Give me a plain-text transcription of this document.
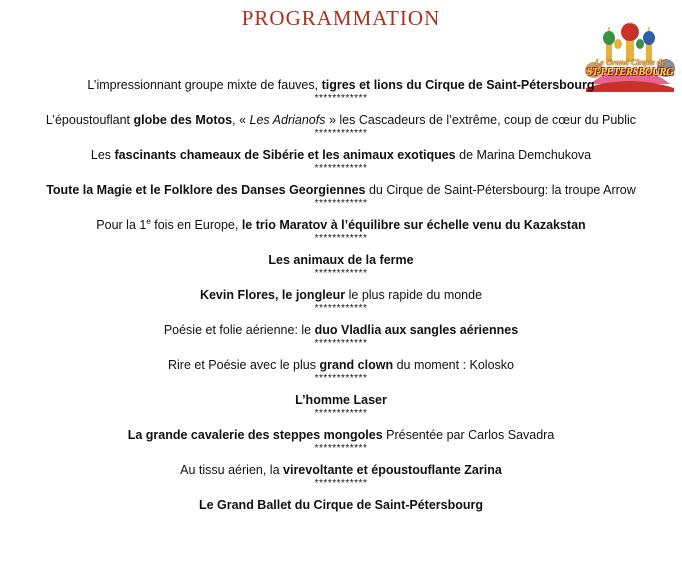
PROGRAMMATION
Le Grand Cirque de
ST-PETERSBOURG
L’impressionnant groupe mixte de fauves, tigres et lions du Cirque de Saint-Pétersbourg
************
L’époustouflant globe des Motos, « Les Adrianofs » les Cascadeurs de l’extrême, coup de cœur du Public
************
Les fascinants chameaux de Sibérie et les animaux exotiques de Marina Demchukova
************
Toute la Magie et le Folklore des Danses Georgiennes du Cirque de Saint-Pétersbourg: la troupe Arrow
************
Pour la 1e fois en Europe, le trio Maratov à l’équilibre sur échelle venu du Kazakstan
************
Les animaux de la ferme
************
Kevin Flores, le jongleur le plus rapide du monde
************
Poésie et folie aérienne: le duo Vladlia aux sangles aériennes
************
Rire et Poésie avec le plus grand clown du moment : Kolosko
************
L’homme Laser
************
La grande cavalerie des steppes mongoles Présentée par Carlos Savadra
************
Au tissu aérien, la virevoltante et époustouflante Zarina
************
Le Grand Ballet du Cirque de Saint-Pétersbourg
